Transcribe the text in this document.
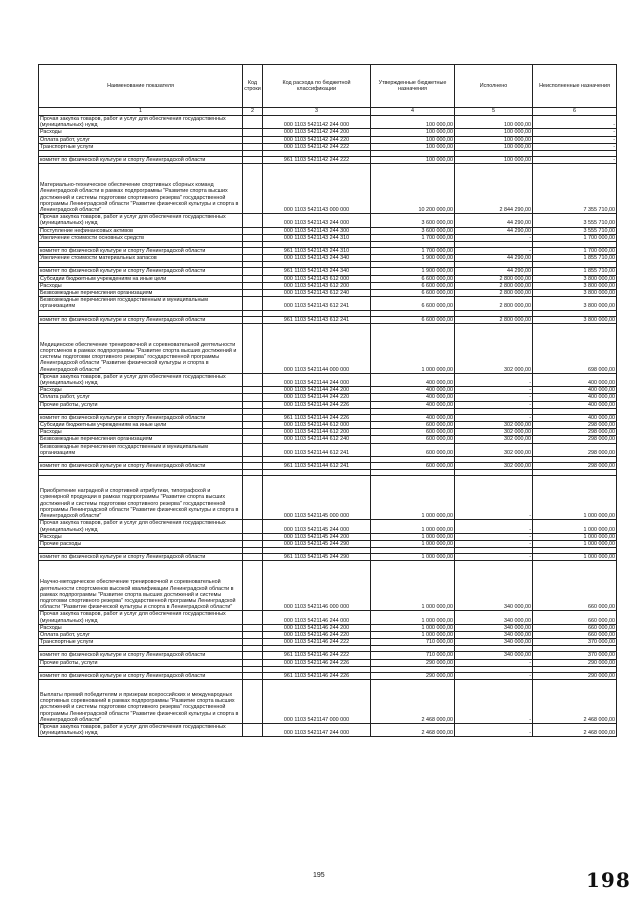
Наименование показателя	Код строки	Код расхода по бюджетной классификации	Утвержденные бюджетные назначения	Исполнено	Неисполненные назначения
1	2	3	4	5	6
Прочая закупка товаров, работ и услуг для обеспечения государственных (муниципальных) нужд		000 1103 5421142 244 000	100 000,00	100 000,00	-
Расходы		000 1103 5421142 244 200	100 000,00	100 000,00	-
Оплата работ, услуг		000 1103 5421142 244 220	100 000,00	100 000,00	-
Транспортные услуги		000 1103 5421142 244 222	100 000,00	100 000,00	-

комитет по физической культуре и спорту Ленинградской области		961 1103 5421142 244 222	100 000,00	100 000,00	-
Материально-техническое обеспечение спортивных сборных команд Ленинградской области в рамках подпрограммы "Развитие спорта высших достижений и системы подготовки спортивного резерва" государственной программы Ленинградской области "Развитие физической культуры и спорта в Ленинградской области"		000 1103 5421143 000 000	10 200 000,00	2 844 290,00	7 355 710,00
Прочая закупка товаров, работ и услуг для обеспечения государственных (муниципальных) нужд		000 1103 5421143 244 000	3 600 000,00	44 290,00	3 555 710,00
Поступление нефинансовых активов		000 1103 5421143 244 300	3 600 000,00	44 290,00	3 555 710,00
Увеличение стоимости основных средств		000 1103 5421143 244 310	1 700 000,00	-	1 700 000,00

комитет по физической культуре и спорту Ленинградской области		961 1103 5421143 244 310	1 700 000,00	-	1 700 000,00
Увеличение стоимости материальных запасов		000 1103 5421143 244 340	1 900 000,00	44 290,00	1 855 710,00

комитет по физической культуре и спорту Ленинградской области		961 1103 5421143 244 340	1 900 000,00	44 290,00	1 855 710,00
Субсидии бюджетным учреждениям на иные цели		000 1103 5421143 612 000	6 600 000,00	2 800 000,00	3 800 000,00
Расходы		000 1103 5421143 612 200	6 600 000,00	2 800 000,00	3 800 000,00
Безвозмездные перечисления организациям		000 1103 5421143 612 240	6 600 000,00	2 800 000,00	3 800 000,00
Безвозмездные перечисления государственным и муниципальным организациям		000 1103 5421143 612 241	6 600 000,00	2 800 000,00	3 800 000,00

комитет по физической культуре и спорту Ленинградской области		961 1103 5421143 612 241	6 600 000,00	2 800 000,00	3 800 000,00
Медицинское обеспечение тренировочной и соревновательной деятельности спортсменов в рамках подпрограммы "Развитие спорта высших достижений и системы подготовки спортивного резерва" государственной программы Ленинградской области "Развитие физической культуры и спорта в Ленинградской области"		000 1103 5421144 000 000	1 000 000,00	302 000,00	698 000,00
Прочая закупка товаров, работ и услуг для обеспечения государственных (муниципальных) нужд		000 1103 5421144 244 000	400 000,00	-	400 000,00
Расходы		000 1103 5421144 244 200	400 000,00	-	400 000,00
Оплата работ, услуг		000 1103 5421144 244 220	400 000,00	-	400 000,00
Прочие работы, услуги		000 1103 5421144 244 226	400 000,00	-	400 000,00

комитет по физической культуре и спорту Ленинградской области		961 1103 5421144 244 226	400 000,00	-	400 000,00
Субсидии бюджетным учреждениям на иные цели		000 1103 5421144 612 000	600 000,00	302 000,00	298 000,00
Расходы		000 1103 5421144 612 200	600 000,00	302 000,00	298 000,00
Безвозмездные перечисления организациям		000 1103 5421144 612 240	600 000,00	302 000,00	298 000,00
Безвозмездные перечисления государственным и муниципальным организациям		000 1103 5421144 612 241	600 000,00	302 000,00	298 000,00

комитет по физической культуре и спорту Ленинградской области		961 1103 5421144 612 241	600 000,00	302 000,00	298 000,00

Приобретение наградной и спортивной атрибутики, типографской и сувенирной продукции в рамках подпрограммы "Развитие спорта высших достижений и системы подготовки спортивного резерва" государственной программы Ленинградской области "Развитие физической культуры и спорта в Ленинградской области"		000 1103 5421145 000 000	1 000 000,00	-	1 000 000,00
Прочая закупка товаров, работ и услуг для обеспечения государственных (муниципальных) нужд		000 1103 5421145 244 000	1 000 000,00	-	1 000 000,00
Расходы		000 1103 5421145 244 200	1 000 000,00	-	1 000 000,00
Прочие расходы		000 1103 5421145 244 290	1 000 000,00	-	1 000 000,00

комитет по физической культуре и спорту Ленинградской области		961 1103 5421145 244 290	1 000 000,00	-	1 000 000,00
Научно-методическое обеспечение тренировочной и соревновательной деятельности спортсменов высокой квалификации Ленинградской области в рамках подпрограммы "Развитие спорта высших достижений и системы подготовки спортивного резерва" государственной программы Ленинградской области "Развитие физической культуры и спорта в Ленинградской области"		000 1103 5421146 000 000	1 000 000,00	340 000,00	660 000,00
Прочая закупка товаров, работ и услуг для обеспечения государственных (муниципальных) нужд		000 1103 5421146 244 000	1 000 000,00	340 000,00	660 000,00
Расходы		000 1103 5421146 244 200	1 000 000,00	340 000,00	660 000,00
Оплата работ, услуг		000 1103 5421146 244 220	1 000 000,00	340 000,00	660 000,00
Транспортные услуги		000 1103 5421146 244 222	710 000,00	340 000,00	370 000,00

комитет по физической культуре и спорту Ленинградской области		961 1103 5421146 244 222	710 000,00	340 000,00	370 000,00
Прочие работы, услуги		000 1103 5421146 244 226	290 000,00	-	290 000,00

комитет по физической культуре и спорту Ленинградской области		961 1103 5421146 244 226	290 000,00	-	290 000,00
Выплаты премий победителям и призерам всероссийских и международных спортивных соревнований в рамках подпрограммы "Развитие спорта высших достижений и системы подготовки спортивного резерва" государственной программы Ленинградской области "Развитие физической культуры и спорта в Ленинградской области"		000 1103 5421147 000 000	2 468 000,00	-	2 468 000,00
Прочая закупка товаров, работ и услуг для обеспечения государственных (муниципальных) нужд		000 1103 5421147 244 000	2 468 000,00	-	2 468 000,00
195	198
